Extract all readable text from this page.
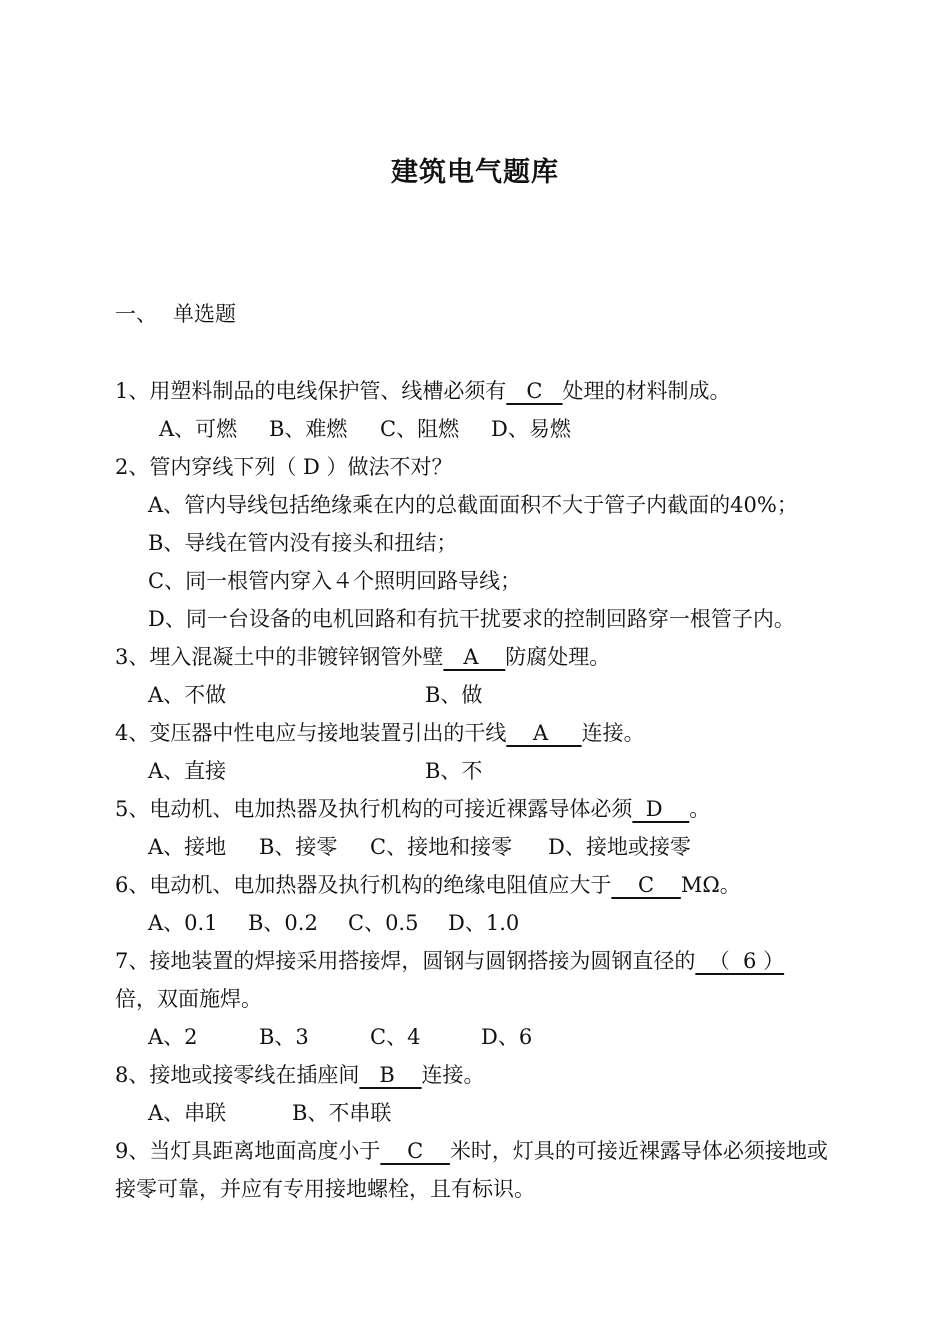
建筑电气题库
一、 单选题

1、用塑料制品的电线保护管、线槽必须有   C   处理的材料制成。

A、可燃 B、难燃 C、阻燃 D、易燃

2、管内穿线下列（ D ）做法不对？

A、管内导线包括绝缘乘在内的总截面面积不大于管子内截面的40%；

B、导线在管内没有接头和扭结；

C、同一根管内穿入４个照明回路导线；

D、同一台设备的电机回路和有抗干扰要求的控制回路穿一根管子内。

3、埋入混凝土中的非镀锌钢管外壁   A    防腐处理。

A、不做	B、做

4、变压器中性电应与接地装置引出的干线    A     连接。

A、直接	B、不

5、电动机、电加热器及执行机构的可接近裸露导体必须  D    。

A、接地 B、接零 C、接地和接零 D、接地或接零

6、电动机、电加热器及执行机构的绝缘电阻值应大于    C    MΩ。

A、0.1 B、0.2 C、0.5 D、1.0

7、接地装置的焊接采用搭接焊，圆钢与圆钢搭接为圆钢直径的  （  6 ）

倍，双面施焊。

A、2	B、3	C、4	D、6

8、接地或接零线在插座间   B    连接。

A、串联	B、不串联

9、当灯具距离地面高度小于    C    米时，灯具的可接近裸露导体必须接地或

接零可靠，并应有专用接地螺栓，且有标识。
